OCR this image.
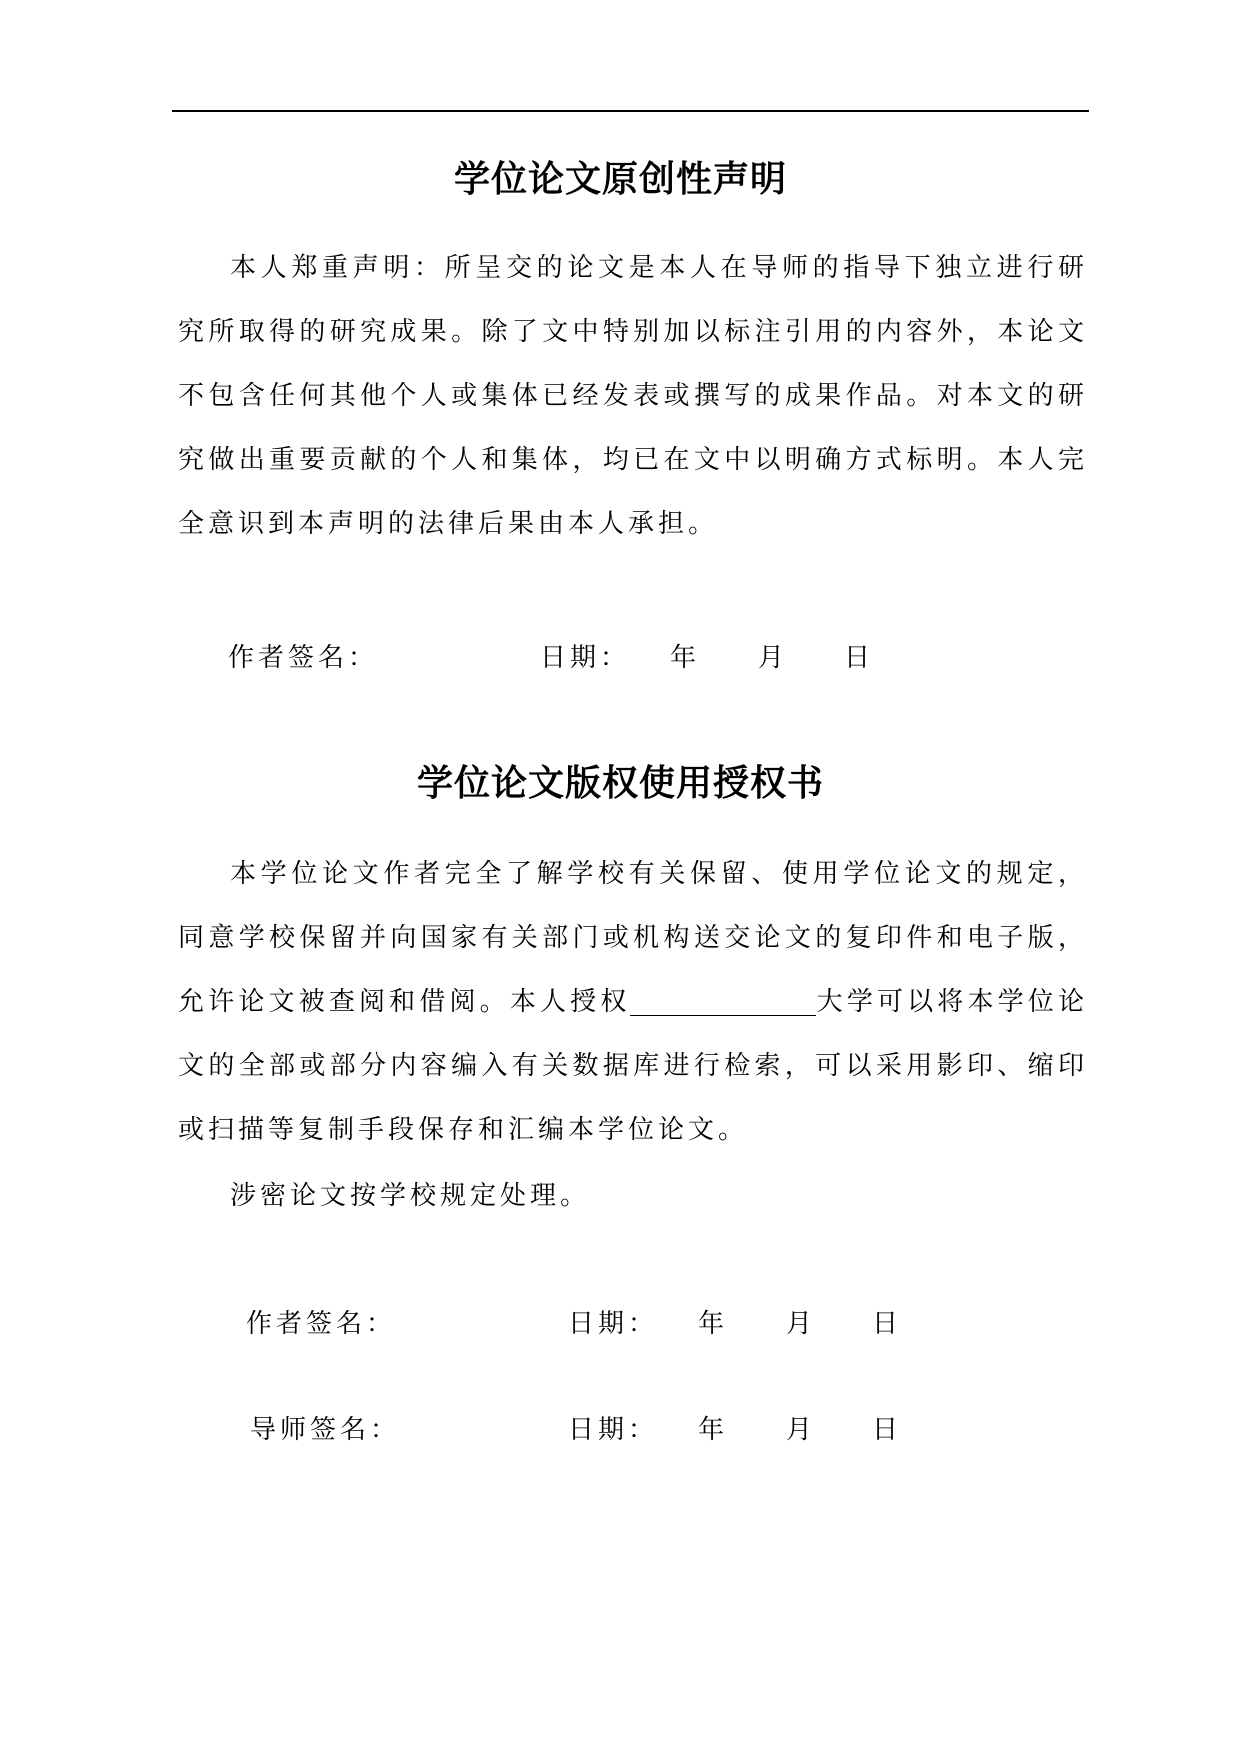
学位论文原创性声明

本人郑重声明：所呈交的论文是本人在导师的指导下独立进行研究所取得的研究成果。除了文中特别加以标注引用的内容外，本论文不包含任何其他个人或集体已经发表或撰写的成果作品。对本文的研究做出重要贡献的个人和集体，均已在文中以明确方式标明。本人完全意识到本声明的法律后果由本人承担。

作者签名：	日期： 年 月 日
学位论文版权使用授权书

本学位论文作者完全了解学校有关保留、使用学位论文的规定，同意学校保留并向国家有关部门或机构送交论文的复印件和电子版，允许论文被查阅和借阅。本人授权	大学可以将本学位论文的全部或部分内容编入有关数据库进行检索，可以采用影印、缩印或扫描等复制手段保存和汇编本学位论文。

涉密论文按学校规定处理。

作者签名：	日期： 年 月 日
导师签名：	日期： 年 月 日
